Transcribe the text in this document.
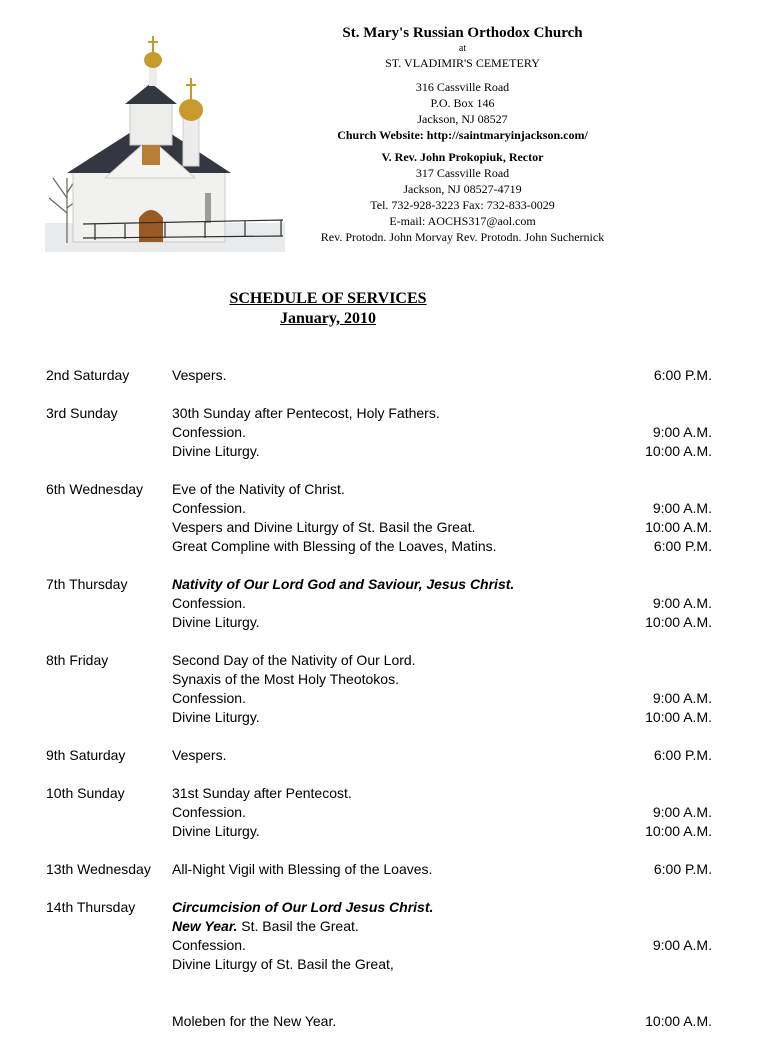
St. Mary's Russian Orthodox Church
at
ST. VLADIMIR'S CEMETERY
316 Cassville Road
P.O. Box 146
Jackson, NJ 08527
Church Website: http://saintmaryinjackson.com/
V. Rev. John Prokopiuk, Rector
317 Cassville Road
Jackson, NJ 08527-4719
Tel. 732-928-3223 Fax: 732-833-0029
E-mail: AOCHS317@aol.com
Rev. Protodn. John Morvay Rev. Protodn. John Suchernick
SCHEDULE OF SERVICES
January, 2010
2nd Saturday	Vespers.	6:00 P.M.
3rd Sunday	30th Sunday after Pentecost, Holy Fathers.
Confession.	9:00 A.M.
Divine Liturgy.	10:00 A.M.
6th Wednesday Eve of the Nativity of Christ.
Confession.	9:00 A.M.
Vespers and Divine Liturgy of St. Basil the Great.	10:00 A.M.
Great Compline with Blessing of the Loaves, Matins.	6:00 P.M.
7th Thursday	Nativity of Our Lord God and Saviour, Jesus Christ.
Confession.	9:00 A.M.
Divine Liturgy.	10:00 A.M.
8th Friday	Second Day of the Nativity of Our Lord.
Synaxis of the Most Holy Theotokos.
Confession.	9:00 A.M.
Divine Liturgy.	10:00 A.M.
9th Saturday	Vespers.	6:00 P.M.
10th Sunday	31st Sunday after Pentecost.
Confession.	9:00 A.M.
Divine Liturgy.	10:00 A.M.
13th Wednesday All-Night Vigil with Blessing of the Loaves.	6:00 P.M.
14th Thursday	Circumcision of Our Lord Jesus Christ.
New Year. St. Basil the Great.
Confession.	9:00 A.M.
Divine Liturgy of St. Basil the Great,
Moleben for the New Year.	10:00 A.M.
